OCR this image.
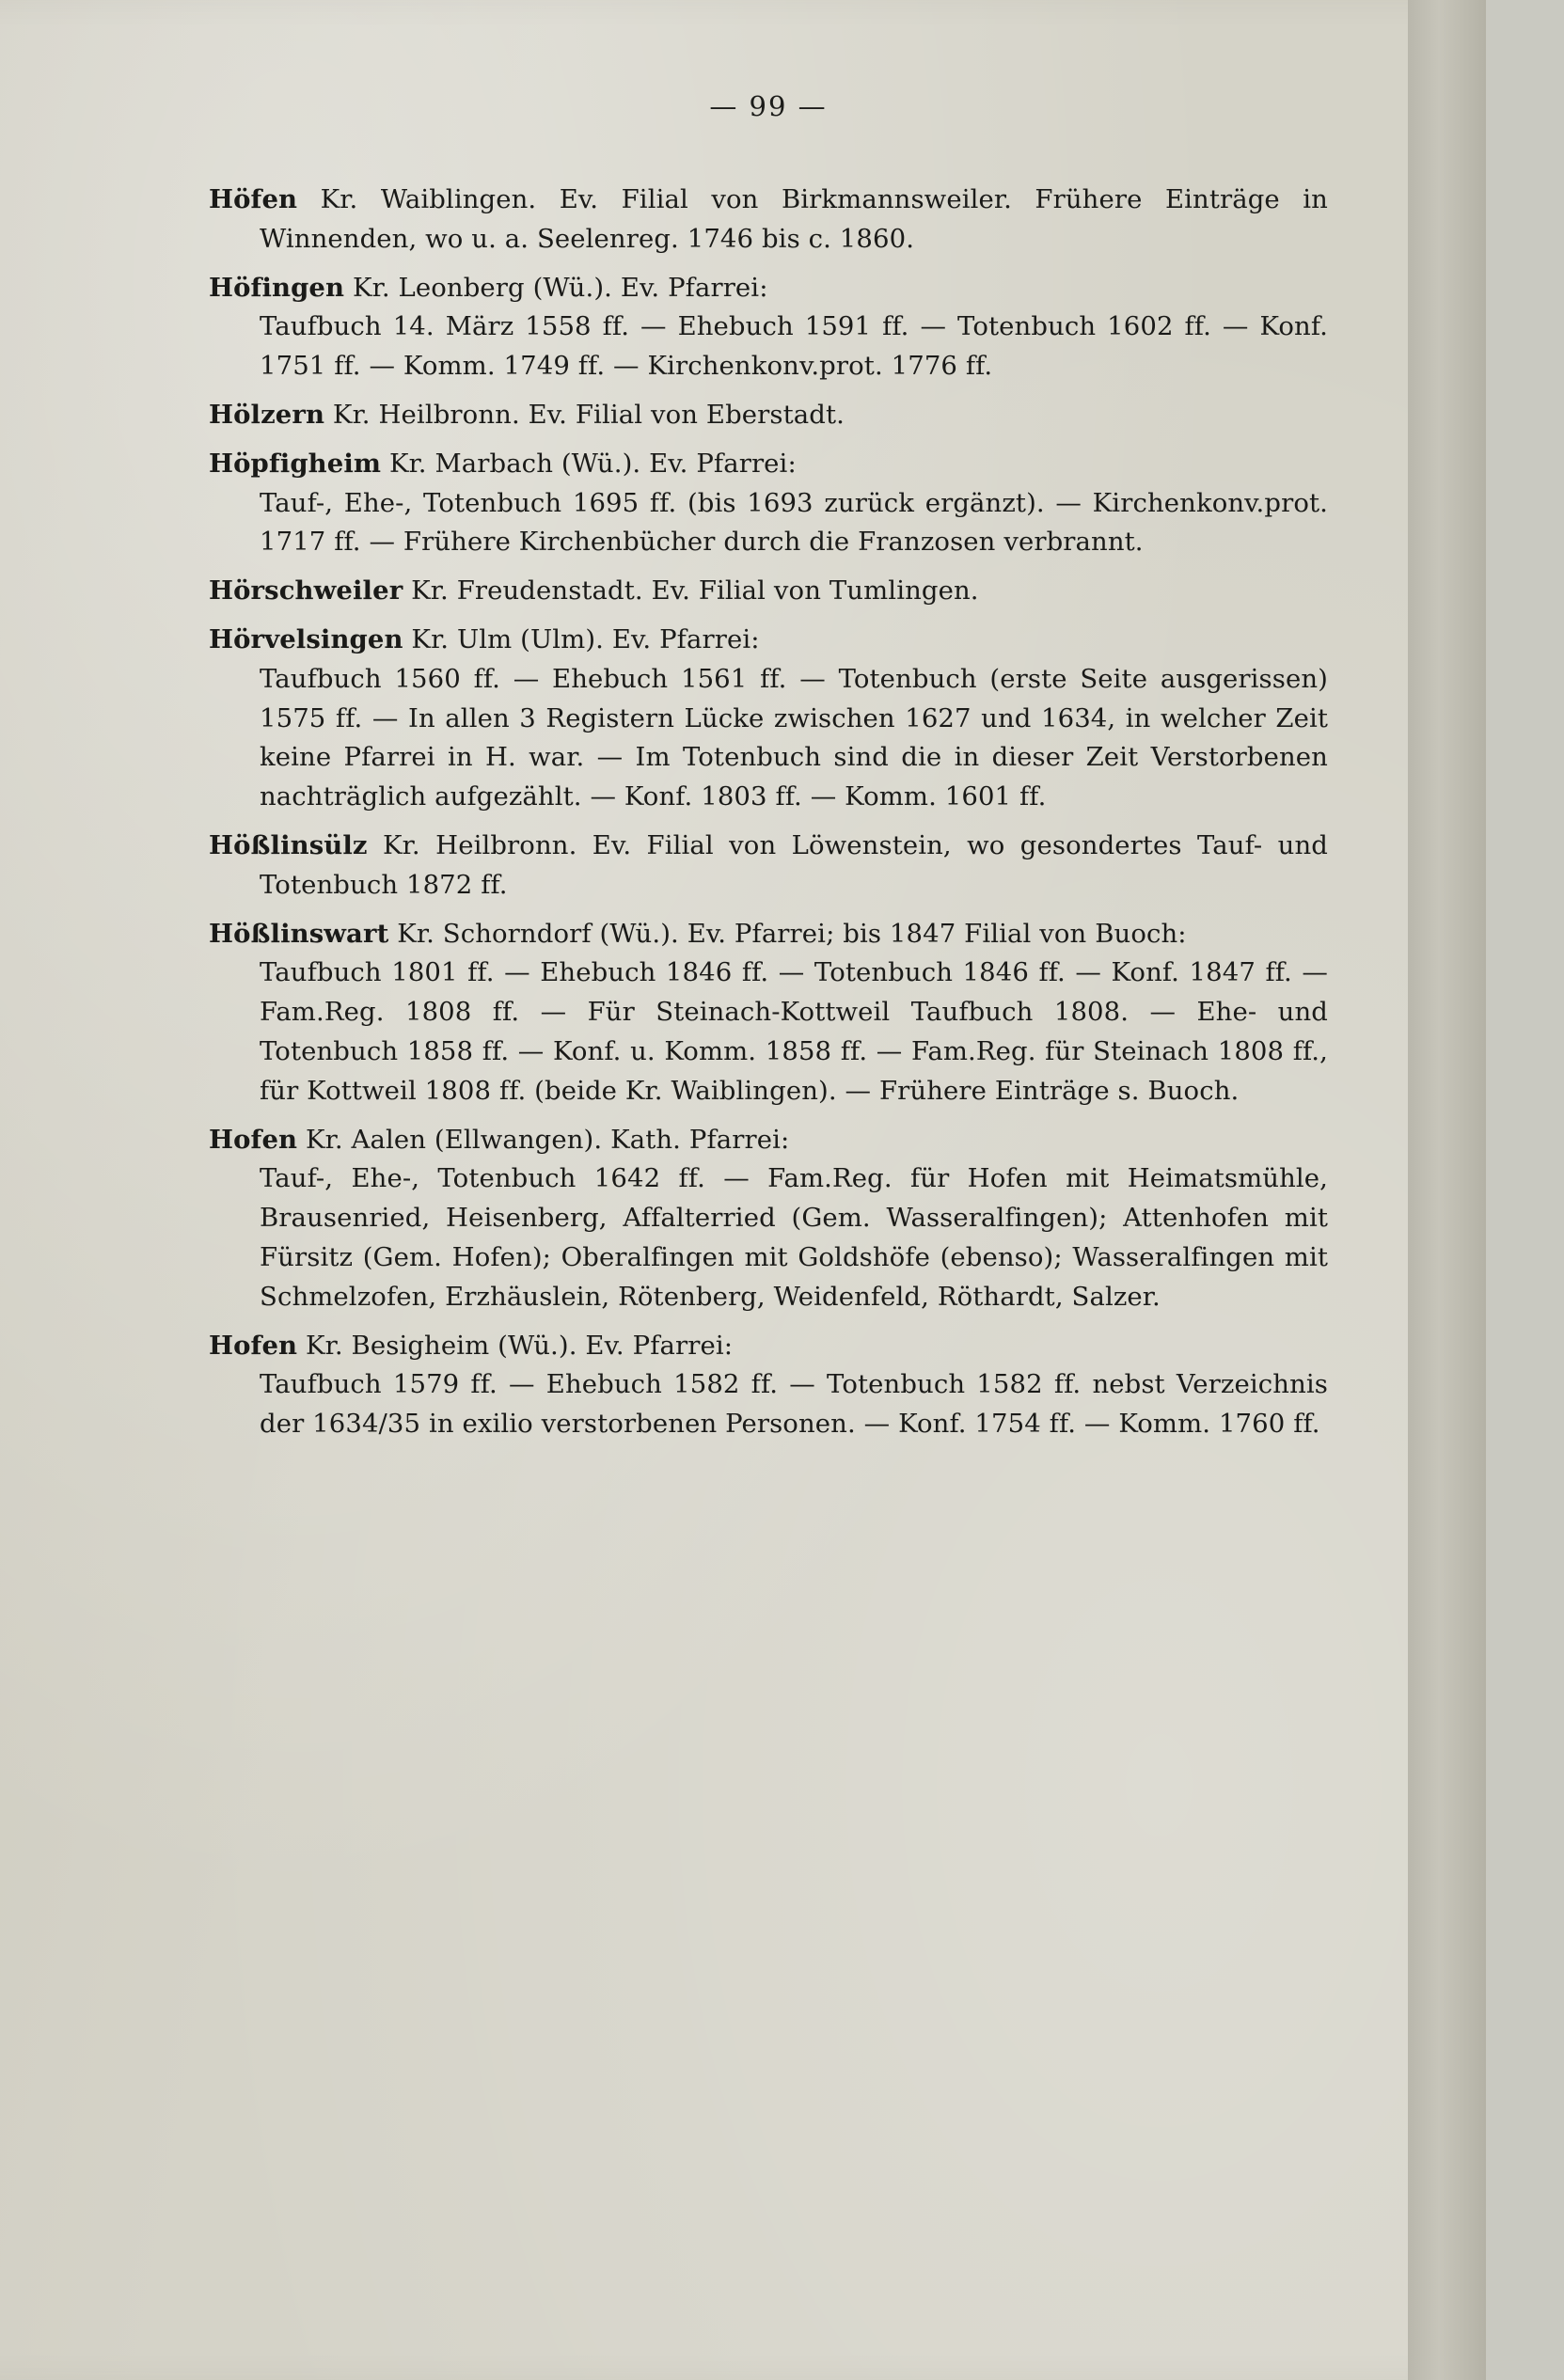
— 99 —
Höfen Kr. Waiblingen. Ev. Filial von Birkmannsweiler. Frühere Einträge in Winnenden, wo u. a. Seelenreg. 1746 bis c. 1860.
Höfingen Kr. Leonberg (Wü.). Ev. Pfarrei:
Taufbuch 14. März 1558 ff. — Ehebuch 1591 ff. — Totenbuch 1602 ff. — Konf. 1751 ff. — Komm. 1749 ff. — Kirchenkonv.prot. 1776 ff.
Hölzern Kr. Heilbronn. Ev. Filial von Eberstadt.
Höpfigheim Kr. Marbach (Wü.). Ev. Pfarrei:
Tauf-, Ehe-, Totenbuch 1695 ff. (bis 1693 zurück ergänzt). — Kirchenkonv.prot. 1717 ff. — Frühere Kirchenbücher durch die Franzosen verbrannt.
Hörschweiler Kr. Freudenstadt. Ev. Filial von Tumlingen.
Hörvelsingen Kr. Ulm (Ulm). Ev. Pfarrei:
Taufbuch 1560 ff. — Ehebuch 1561 ff. — Totenbuch (erste Seite ausgerissen) 1575 ff. — In allen 3 Registern Lücke zwischen 1627 und 1634, in welcher Zeit keine Pfarrei in H. war. — Im Totenbuch sind die in dieser Zeit Verstorbenen nachträglich aufgezählt. — Konf. 1803 ff. — Komm. 1601 ff.
Hößlinsülz Kr. Heilbronn. Ev. Filial von Löwenstein, wo gesondertes Tauf- und Totenbuch 1872 ff.
Hößlinswart Kr. Schorndorf (Wü.). Ev. Pfarrei; bis 1847 Filial von Buoch:
Taufbuch 1801 ff. — Ehebuch 1846 ff. — Totenbuch 1846 ff. — Konf. 1847 ff. — Fam.Reg. 1808 ff. — Für Steinach-Kottweil Taufbuch 1808. — Ehe- und Totenbuch 1858 ff. — Konf. u. Komm. 1858 ff. — Fam.Reg. für Steinach 1808 ff., für Kottweil 1808 ff. (beide Kr. Waiblingen). — Frühere Einträge s. Buoch.
Hofen Kr. Aalen (Ellwangen). Kath. Pfarrei:
Tauf-, Ehe-, Totenbuch 1642 ff. — Fam.Reg. für Hofen mit Heimatsmühle, Brausenried, Heisenberg, Affalterried (Gem. Wasseralfingen); Attenhofen mit Fürsitz (Gem. Hofen); Oberalfingen mit Goldshöfe (ebenso); Wasseralfingen mit Schmelzofen, Erzhäuslein, Rötenberg, Weidenfeld, Röthardt, Salzer.
Hofen Kr. Besigheim (Wü.). Ev. Pfarrei:
Taufbuch 1579 ff. — Ehebuch 1582 ff. — Totenbuch 1582 ff. nebst Verzeichnis der 1634/35 in exilio verstorbenen Personen. — Konf. 1754 ff. — Komm. 1760 ff.
